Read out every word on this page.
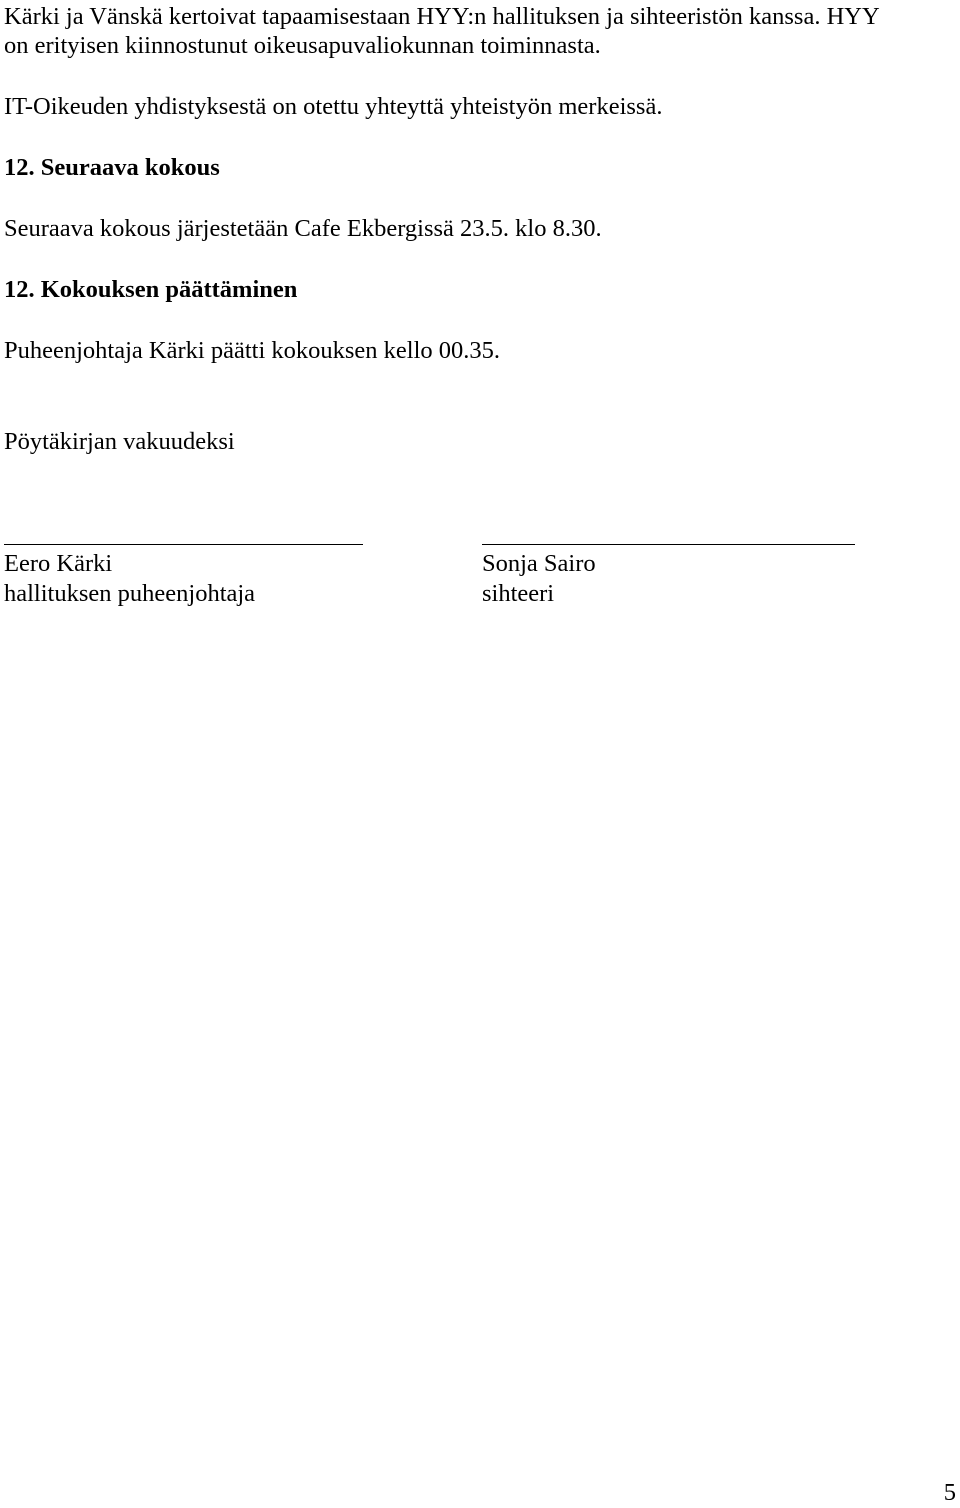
Kärki ja Vänskä kertoivat tapaamisestaan HYY:n hallituksen ja sihteeristön kanssa. HYY
on erityisen kiinnostunut oikeusapuvaliokunnan toiminnasta.
IT-Oikeuden yhdistyksestä on otettu yhteyttä yhteistyön merkeissä.
12. Seuraava kokous
Seuraava kokous järjestetään Cafe Ekbergissä 23.5. klo 8.30.
12. Kokouksen päättäminen
Puheenjohtaja Kärki päätti kokouksen kello 00.35.
Pöytäkirjan vakuudeksi
Eero Kärki
hallituksen puheenjohtaja
Sonja Sairo
sihteeri
5
